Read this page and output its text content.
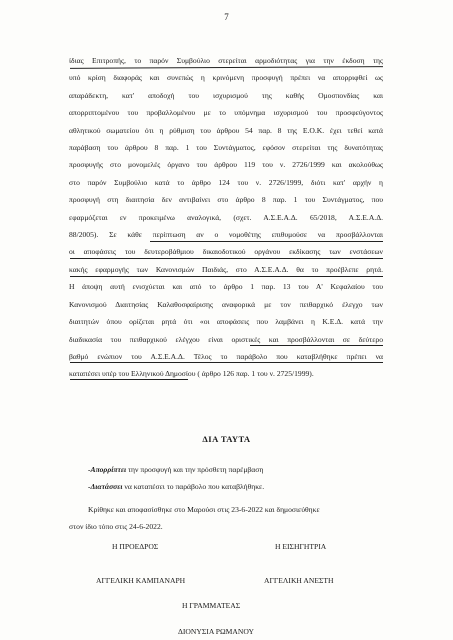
7
ίδιας Επιτροπής, το παρόν Συμβούλιο στερείται αρμοδιότητας για την έκδοση της
υπό κρίση διαφοράς και συνεπώς η κρινόμενη προσφυγή πρέπει να απορριφθεί ως
απαράδεκτη, κατ' αποδοχή του ισχυρισμού της καθής Ομοσπονδίας και
απορριπτομένου του προβαλλομένου με το υπόμνημα ισχυρισμού του προσφεύγοντος
αθλητικού σωματείου ότι η ρύθμιση του άρθρου 54 παρ. 8 της Ε.Ο.Κ. έχει τεθεί κατά
παράβαση του άρθρου 8 παρ. 1 του Συντάγματος, εφόσον στερείται της δυνατότητας
προσφυγής στο μονομελές όργανο του άρθρου 119 του ν. 2726/1999 και ακολούθως
στο παρόν Συμβούλιο κατά το άρθρο 124 του ν. 2726/1999, διότι κατ' αρχήν η
προσφυγή στη διαιτησία δεν αντιβαίνει στο άρθρο 8 παρ. 1 του Συντάγματος, που
εφαρμόζεται εν προκειμένω αναλογικά, (σχετ. Α.Σ.Ε.Α.Δ. 65/2018, Α.Σ.Ε.Α.Δ.
88/2005). Σε κάθε περίπτωση αν ο νομοθέτης επιθυμούσε να προσβάλλονται
οι αποφάσεις του δευτεροβάθμιου δικαιοδοτικού οργάνου εκδίκασης των ενστάσεων
κακής εφαρμογής των Κανονισμών Παιδιάς, στο Α.Σ.Ε.Α.Δ. θα το προέβλεπε ρητά.
Η άποψη αυτή ενισχύεται και από το άρθρο 1 παρ. 13 του Α' Κεφαλαίου του
Κανονισμού Διαιτησίας Καλαθοσφαίρισης αναφορικά με τον πειθαρχικό έλεγχο των
διαιτητών όπου ορίζεται ρητά ότι «οι αποφάσεις που λαμβάνει η Κ.Ε.Δ. κατά την
διαδικασία του πειθαρχικού ελέγχου είναι οριστικές και προσβάλλονται σε δεύτερο
βαθμό ενώπιον του Α.Σ.Ε.Α.Δ. Τέλος το παράβολο που καταβλήθηκε πρέπει να
καταπέσει υπέρ του Ελληνικού Δημοσίου ( άρθρο 126 παρ. 1 του ν. 2725/1999).
ΔΙΑ ΤΑΥΤΑ
-Απορρίπτει την προσφυγή και την πρόσθετη παρέμβαση
-Διατάσσει να καταπέσει το παράβολο που καταβλήθηκε.
Κρίθηκε και αποφασίσθηκε στο Μαρούσι στις 23-6-2022 και δημοσιεύθηκε
στον ίδιο τόπο στις 24-6-2022.
Η ΠΡΟΕΔΡΟΣ	Η ΕΙΣΗΓΗΤΡΙΑ
ΑΓΓΕΛΙΚΗ ΚΑΜΠΑΝΑΡΗ	ΑΓΓΕΛΙΚΗ ΑΝΕΣΤΗ
Η ΓΡΑΜΜΑΤΕΑΣ
ΔΙΟΝΥΣΙΑ ΡΩΜΑΝΟΥ
